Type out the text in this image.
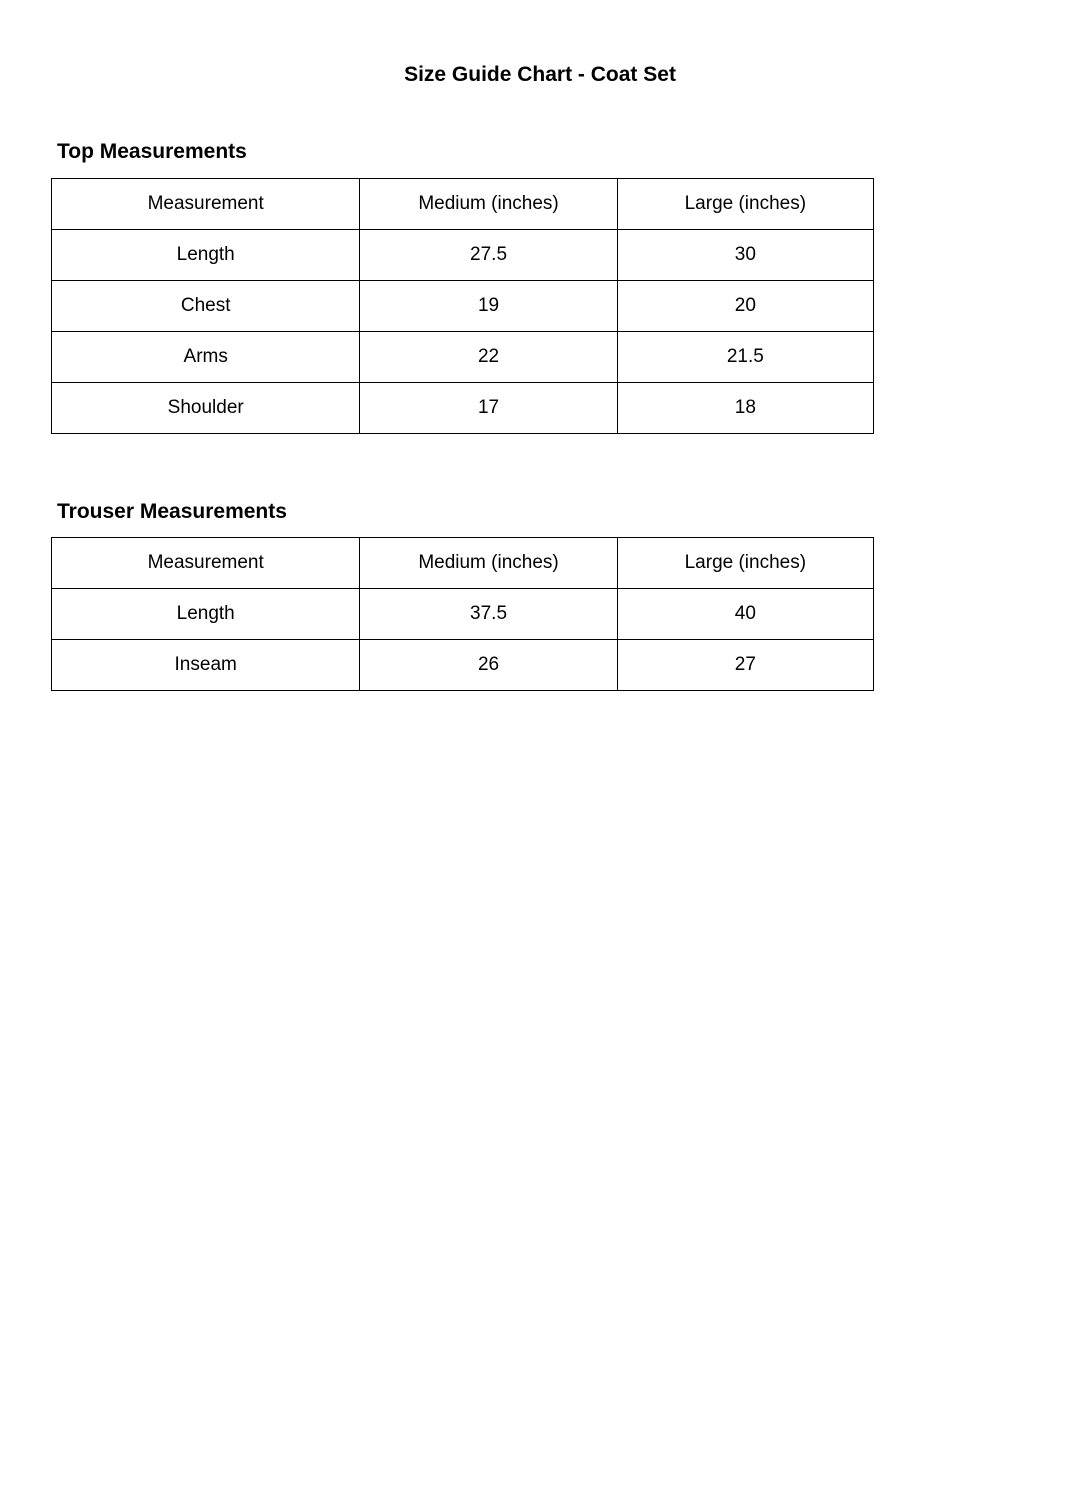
Size Guide Chart - Coat Set
Top Measurements
Measurement	Medium (inches)	Large (inches)
Length	27.5	30
Chest	19	20
Arms	22	21.5
Shoulder	17	18
Trouser Measurements
Measurement	Medium (inches)	Large (inches)
Length	37.5	40
Inseam	26	27
